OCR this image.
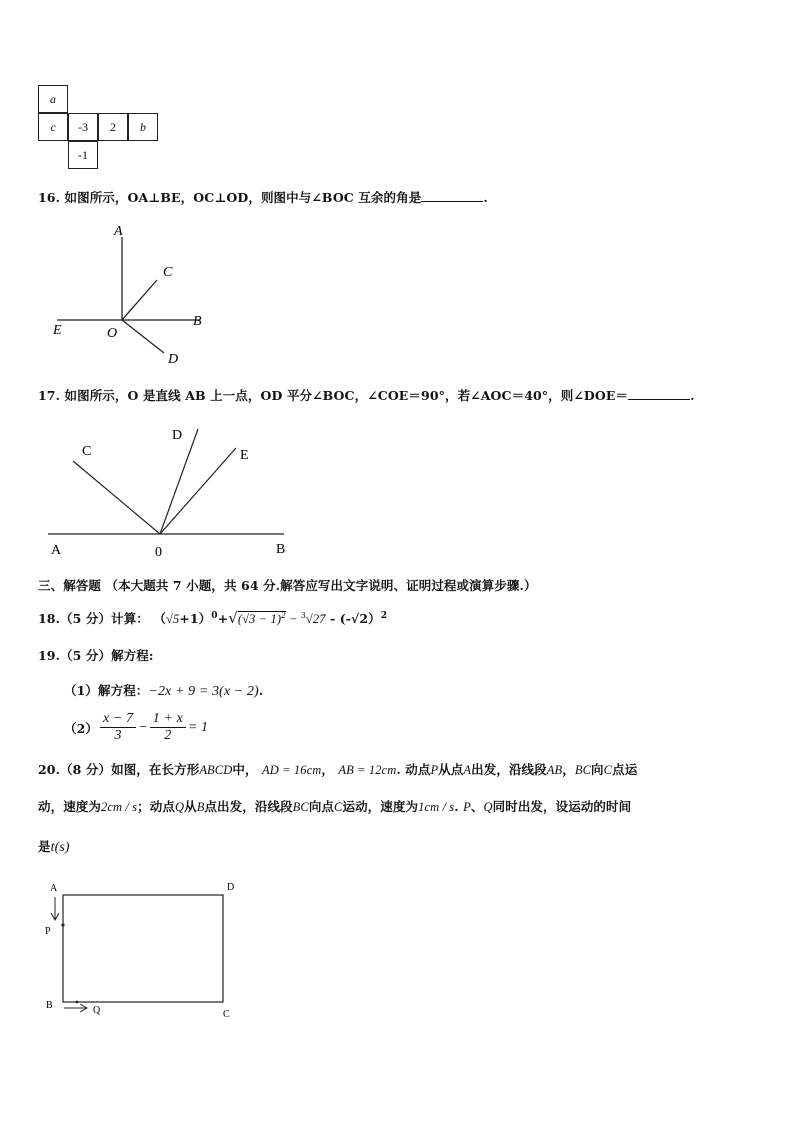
a
c	-3	2	b
-1
16. 如图所示，OA⊥BE，OC⊥OD，则图中与∠BOC 互余的角是	.
A
C
E	O
B
D
17. 如图所示，O 是直线 AB 上一点，OD 平分∠BOC，∠COE＝90°，若∠AOC＝40°，则∠DOE＝	.
C
D
E
A	0	B
三、解答题 （本大题共 7 小题，共 64 分.解答应写出文字说明、证明过程或演算步骤.）
18.（5 分）计算： $(√5+1)^0+√(√3 - 1)^2 - ^3√27 - (-√2)^2$
19.（5 分）解方程:
（1）解方程：−2x + 9 = 3(x − 2).
$(2) \frac{x - 7}{3} - \frac{1 + x}{2} = 1$
20.（8 分）如图，在长方形ABCD中， AD = 16cm， AB = 12cm. 动点P从点A出发，沿线段AB，BC向C点运
动，速度为2cm / s；动点Q从B点出发，沿线段BC向点C运动，速度为1cm / s. P、Q同时出发，设运动的时间
是t(s)
A	D
P
B	Q	C
